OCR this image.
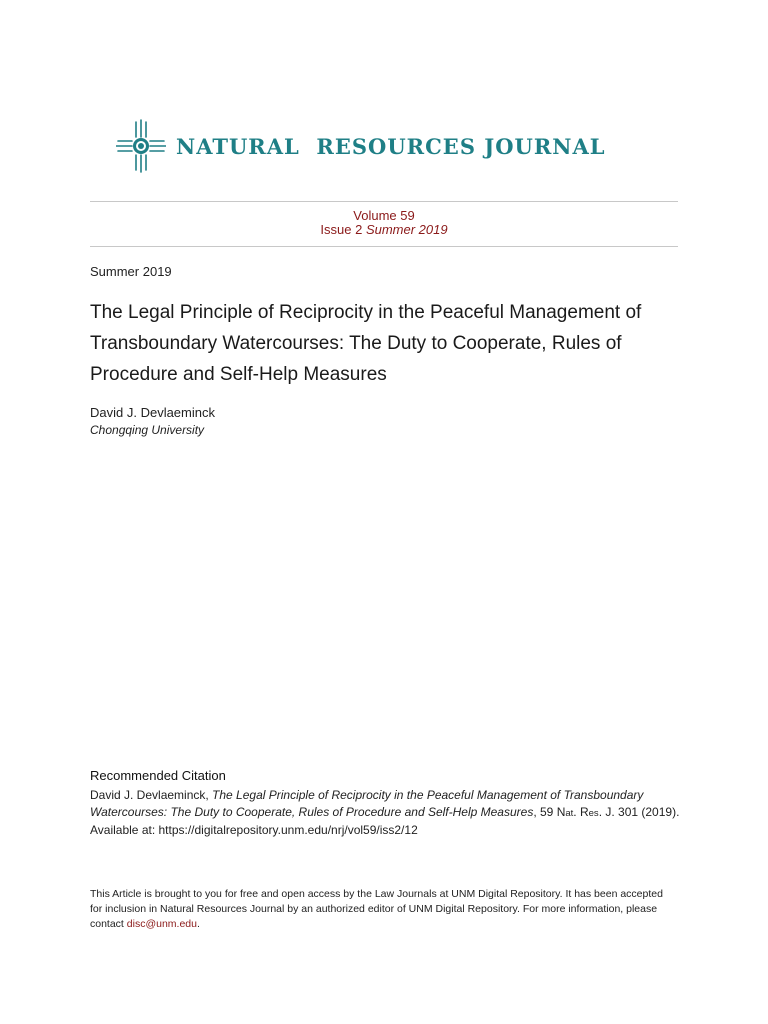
NATURAL  RESOURCES JOURNAL
Volume 59
Issue 2 Summer 2019
Summer 2019
The Legal Principle of Reciprocity in the Peaceful Management of Transboundary Watercourses: The Duty to Cooperate, Rules of Procedure and Self-Help Measures
David J. Devlaeminck
Chongqing University
Recommended Citation
David J. Devlaeminck, The Legal Principle of Reciprocity in the Peaceful Management of Transboundary Watercourses: The Duty to Cooperate, Rules of Procedure and Self-Help Measures, 59 Nat. Res. J. 301 (2019).
Available at: https://digitalrepository.unm.edu/nrj/vol59/iss2/12
This Article is brought to you for free and open access by the Law Journals at UNM Digital Repository. It has been accepted for inclusion in Natural Resources Journal by an authorized editor of UNM Digital Repository. For more information, please contact disc@unm.edu.
